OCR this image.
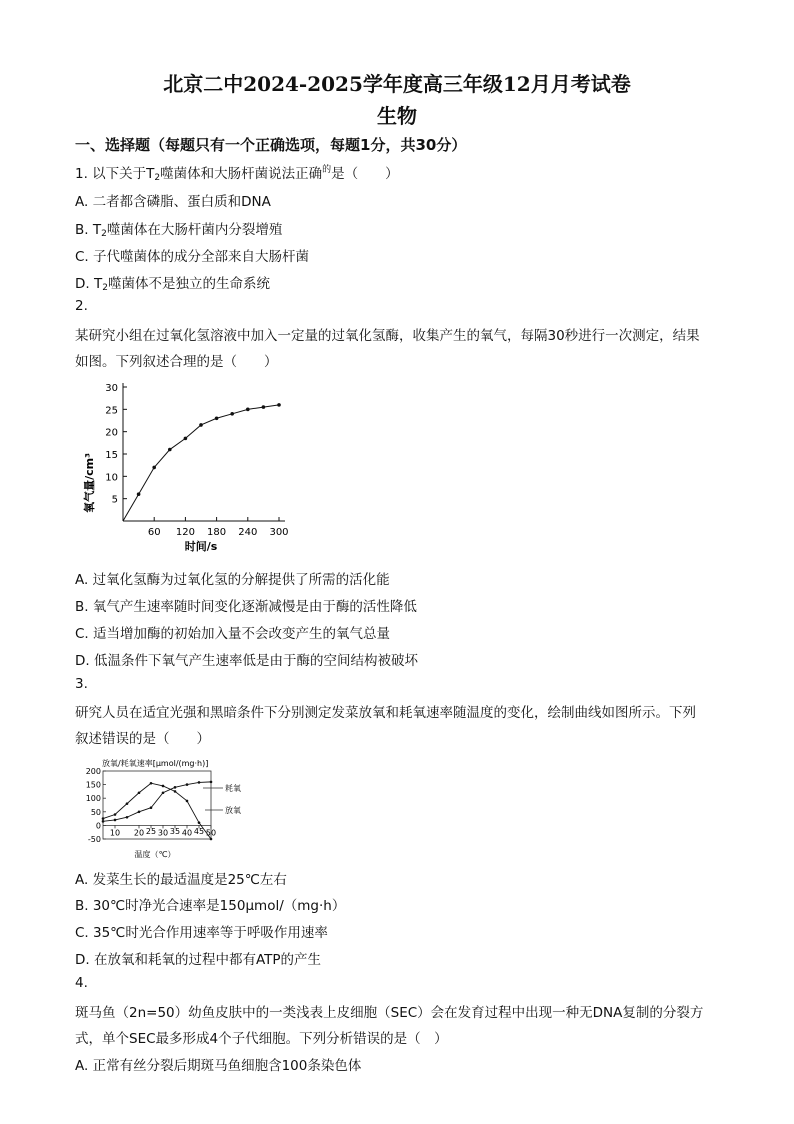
北京二中2024-2025学年度高三年级12月月考试卷
生物
一、选择题（每题只有一个正确选项，每题1分，共30分）
1. 以下关于$T_2$噬菌体和大肠杆菌说法正确$^的$是（　　）
A. 二者都含磷脂、蛋白质和DNA
B. $T_2$噬菌体在大肠杆菌内分裂增殖
C. 子代噬菌体的成分全部来自大肠杆菌
D. $T_2$噬菌体不是独立的生命系统
2.
某研究小组在过氧化氢溶液中加入一定量的过氧化氢酶，收集产生的氧气，每隔30秒进行一次测定，结果
如图。下列叙述合理的是（　　）
5
10
15
20
25
30
60 120 180 240 300
氧气量/cm³
时间/s
A. 过氧化氢酶为过氧化氢的分解提供了所需的活化能
B. 氧气产生速率随时间变化逐渐减慢是由于酶的活性降低
C. 适当增加酶的初始加入量不会改变产生的氧气总量
D. 低温条件下氧气产生速率低是由于酶的空间结构被破坏
3.
研究人员在适宜光强和黑暗条件下分别测定发菜放氧和耗氧速率随温度的变化，绘制曲线如图所示。下列
叙述错误的是（　　）
-50
0
50
100
150
200
10 20 25 30 35 40 45 50
放氧/耗氧速率[μmol/(mg·h)]
温度（℃）
耗氧
放氧
A. 发菜生长的最适温度是25℃左右
B. 30℃时净光合速率是150μmol/（mg·h）
C. 35℃时光合作用速率等于呼吸作用速率
D. 在放氧和耗氧的过程中都有ATP的产生
4.
斑马鱼（2n=50）幼鱼皮肤中的一类浅表上皮细胞（SEC）会在发育过程中出现一种无DNA复制的分裂方
式，单个SEC最多形成4个子代细胞。下列分析错误的是（　）
A. 正常有丝分裂后期斑马鱼细胞含100条染色体
